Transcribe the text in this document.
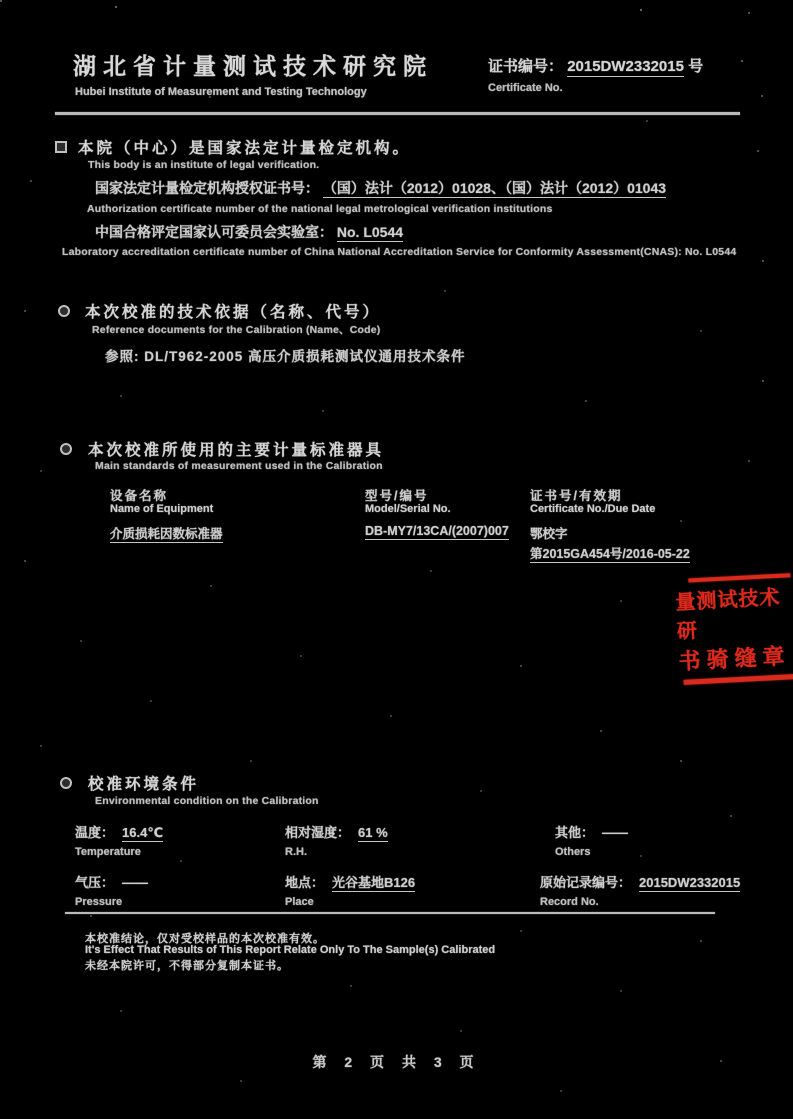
湖北省计量测试技术研究院
Hubei Institute of Measurement and Testing Technology
证书编号： 2015DW2332015 号
Certificate No.
本院（中心）是国家法定计量检定机构。
This body is an institute of legal verification.
国家法定计量检定机构授权证书号： （国）法计（2012）01028、（国）法计（2012）01043
Authorization certificate number of the national legal metrological verification institutions
中国合格评定国家认可委员会实验室： No. L0544
Laboratory accreditation certificate number of China National Accreditation Service for Conformity Assessment(CNAS): No. L0544
本次校准的技术依据（名称、代号）
Reference documents for the Calibration (Name、Code)
参照: DL/T962-2005 高压介质损耗测试仪通用技术条件
本次校准所使用的主要计量标准器具
Main standards of measurement used in the Calibration
设备名称
Name of Equipment
型号/编号
Model/Serial No.
证书号/有效期
Certificate No./Due Date
介质损耗因数标准器	DB-MY7/13CA/(2007)007 鄂校字
第2015GA454号/2016-05-22
量测试技术研
书骑缝章
校准环境条件
Environmental condition on the Calibration
温度： 16.4℃
Temperature
相对湿度： 61 %
R.H.
其他： ——
Others
气压： ——
Pressure
地点： 光谷基地B126
Place
原始记录编号： 2015DW2332015
Record No.
本校准结论，仅对受校样品的本次校准有效。
It's Effect That Results of This Report Relate Only To The Sample(s) Calibrated
未经本院许可，不得部分复制本证书。
第 2 页 共 3 页
